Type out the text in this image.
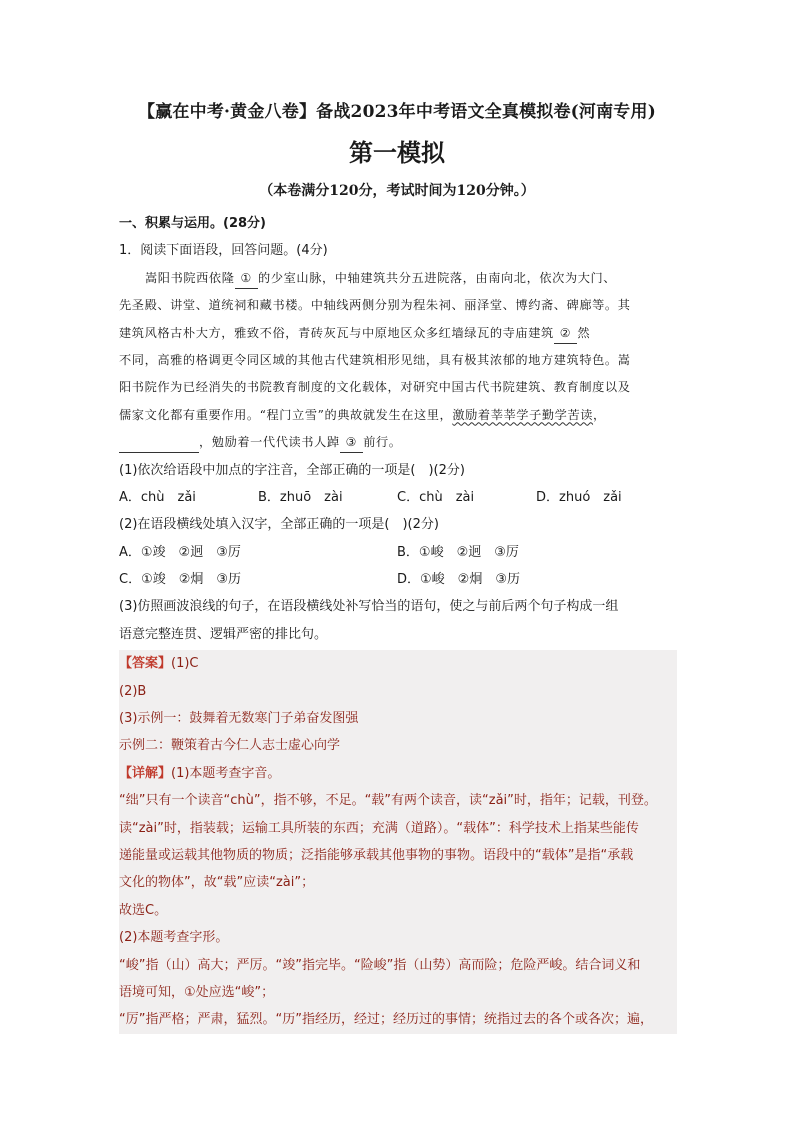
【赢在中考·黄金八卷】备战2023年中考语文全真模拟卷(河南专用)
第一模拟
（本卷满分120分，考试时间为120分钟。）
一、积累与运用。(28分)
1．阅读下面语段，回答问题。(4分)
嵩阳书院西依隆 ① 的少室山脉，中轴建筑共分五进院落，由南向北，依次为大门、
先圣殿、讲堂、道统祠和藏书楼。中轴线两侧分别为程朱祠、丽泽堂、博约斋、碑廊等。其
建筑风格古朴大方，雅致不俗，青砖灰瓦与中原地区众多红墙绿瓦的寺庙建筑 ② 然
不同，高雅的格调更令同区域的其他古代建筑相形见绌，具有极其浓郁的地方建筑特色。嵩
阳书院作为已经消失的书院教育制度的文化载体，对研究中国古代书院建筑、教育制度以及
儒家文化都有重要作用。“程门立雪”的典故就发生在这里，激励着莘莘学子勤学苦读，
，勉励着一代代读书人踔 ③ 前行。
(1)依次给语段中加点的字注音，全部正确的一项是(　)(2分)
A．chù　zǎi	B．zhuō　zài	C．chù　zài	D．zhuó　zǎi
(2)在语段横线处填入汉字，全部正确的一项是(　)(2分)
A．①竣　②迥　③厉	B．①峻　②迥　③厉
C．①竣　②炯　③历	D．①峻　②炯　③历
(3)仿照画波浪线的句子，在语段横线处补写恰当的语句，使之与前后两个句子构成一组
语意完整连贯、逻辑严密的排比句。
【答案】(1)C
(2)B
(3)示例一：鼓舞着无数寒门子弟奋发图强
示例二：鞭策着古今仁人志士虚心向学
【详解】(1)本题考查字音。
“绌”只有一个读音“chù”，指不够，不足。“载”有两个读音，读“zǎi”时，指年；记载，刊登。
读“zài”时，指装载；运输工具所装的东西；充满（道路）。“载体”：科学技术上指某些能传
递能量或运载其他物质的物质；泛指能够承载其他事物的事物。语段中的“载体”是指“承载
文化的物体”，故“载”应读“zài”；
故选C。
(2)本题考查字形。
“峻”指（山）高大；严厉。“竣”指完毕。“险峻”指（山势）高而险；危险严峻。结合词义和
语境可知，①处应选“峻”；
“厉”指严格；严肃，猛烈。“历”指经历，经过；经历过的事情；统指过去的各个或各次；遍，
